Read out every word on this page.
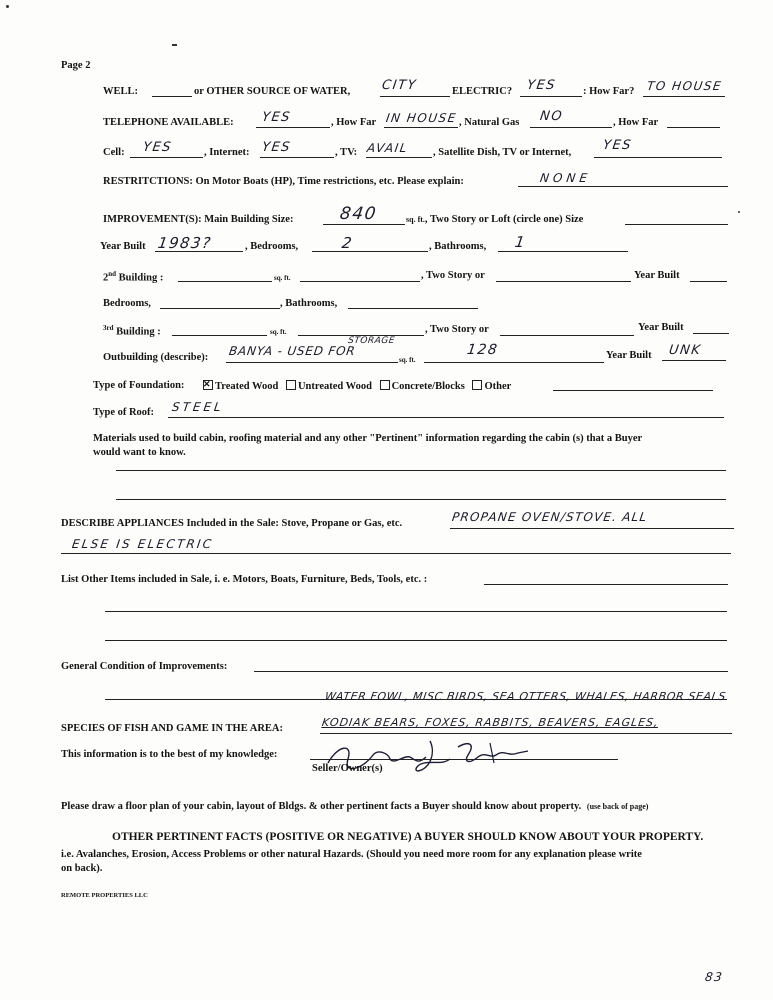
Page 2
WELL:	or OTHER SOURCE OF WATER, CITY	ELECTRIC? YES : How Far? TO HOUSE
TELEPHONE AVAILABLE: YES	, How Far IN HOUSE , Natural Gas NO	, How Far
Cell: YES	, Internet: YES	, TV: AVAIL , Satellite Dish, TV or Internet, YES
RESTRITCTIONS: On Motor Boats (HP), Time restrictions, etc. Please explain:	NONE
IMPROVEMENT(S): Main Building Size:	840	sq. ft., Two Story or Loft (circle one) Size
Year Built 1983?	, Bedrooms,	2	, Bathrooms, 1
2nd Building :	sq. ft.	, Two Story or	Year Built
Bedrooms,	, Bathrooms,
$^{3rd}$ Building :	sq. ft.	, Two Story or	Year Built
Outbuilding (describe): BANYA - USED FOR
STORAGE
sq. ft.
128	Year Built UNK
Type of Foundation:
✕	Treated Wood Untreated Wood Concrete/Blocks Other
Type of Roof: STEEL
Materials used to build cabin, roofing material and any other "Pertinent" information regarding the cabin (s) that a Buyer
would want to know.
DESCRIBE APPLIANCES Included in the Sale: Stove, Propane or Gas, etc.	PROPANE OVEN/STOVE. ALL
ELSE IS ELECTRIC
List Other Items included in Sale, i. e. Motors, Boats, Furniture, Beds, Tools, etc. :
General Condition of Improvements:
WATER FOWL, MISC BIRDS, SEA OTTERS, WHALES, HARBOR SEALS
SPECIES OF FISH AND GAME IN THE AREA:	KODIAK BEARS, FOXES, RABBITS, BEAVERS, EAGLES,
This information is to the best of my knowledge:
Seller/Owner(s)
Please draw a floor plan of your cabin, layout of Bldgs. & other pertinent facts a Buyer should know about property. (use back of page)
OTHER PERTINENT FACTS (POSITIVE OR NEGATIVE) A BUYER SHOULD KNOW ABOUT YOUR PROPERTY.
i.e. Avalanches, Erosion, Access Problems or other natural Hazards. (Should you need more room for any explanation please write
on back).
REMOTE PROPERTIES LLC
83
